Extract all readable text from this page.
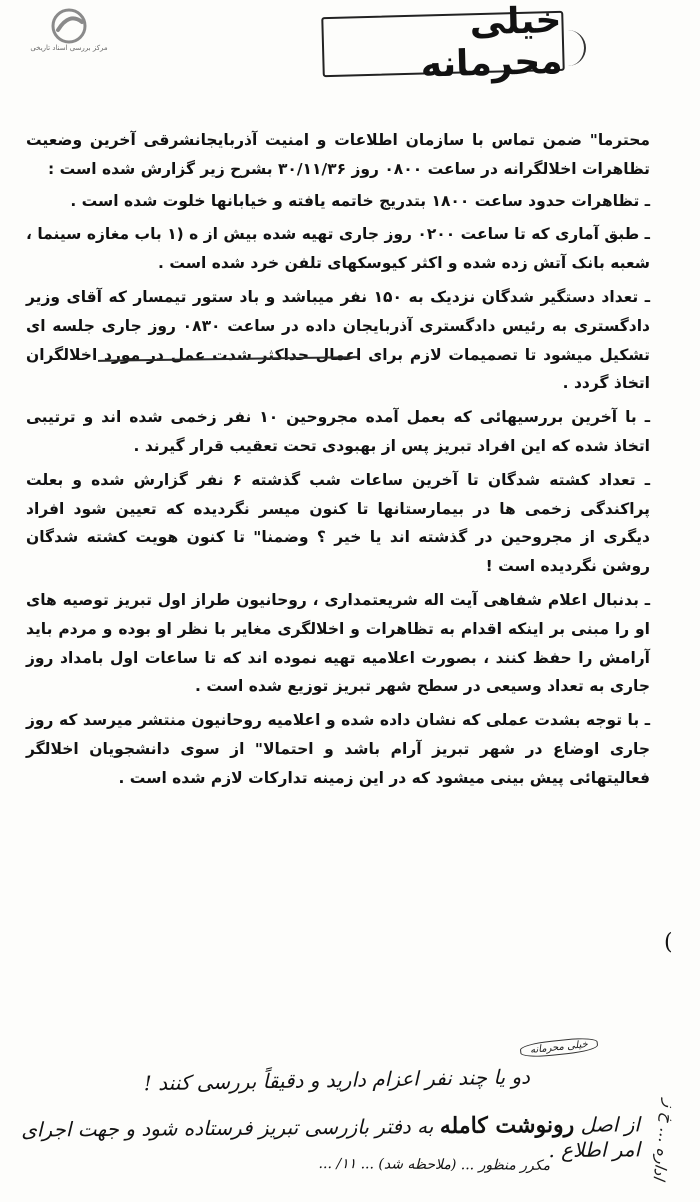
مرکز بررسی اسناد تاریخی
خیلی محرمانه

محترما" ضمن تماس با سازمان اطلاعات و امنیت آذربایجانشرقی آخرین وضعیت تظاهرات اخلالگرانه در ساعت ۰۸۰۰ روز ۳۰/۱۱/۳۶ بشرح زیر گزارش شده است :

ـ تظاهرات حدود ساعت ۱۸۰۰ بتدریج خاتمه یافته و خیابانها خلوت شده است .

ـ طبق آماری که تا ساعت ۰۲۰۰ روز جاری تهیه شده بیش از ه (۱ باب مغازه سینما ، شعبه بانک آتش زده شده و اکثر کیوسکهای تلفن خرد شده است .

ـ تعداد دستگیر شدگان نزدیک به ۱۵۰ نفر میباشد و باد ستور تیمسار که آقای وزیر دادگستری به رئیس دادگستری آذربایجان داده در ساعت ۰۸۳۰ روز جاری جلسه ای تشکیل میشود تا تصمیمات لازم برای اعمال حداکثر شدت عمل در مورد اخلالگران اتخاذ گردد .

ـ با آخرین بررسیهائی که بعمل آمده مجروحین ۱۰ نفر زخمی شده اند و ترتیبی اتخاذ شده که این افراد تبریز پس از بهبودی تحت تعقیب قرار گیرند .

ـ تعداد کشته شدگان تا آخرین ساعات شب گذشته ۶ نفر گزارش شده و بعلت پراکندگی زخمی ها در بیمارستانها تا کنون میسر نگردیده که تعیین شود افراد دیگری از مجروحین در گذشته اند یا خیر ؟ وضمنا" تا کنون هویت کشته شدگان روشن نگردیده است !

ـ بدنبال اعلام شفاهی آیت اله شریعتمداری ، روحانیون طراز اول تبریز توصیه های او را مبنی بر اینکه اقدام به تظاهرات و اخلالگری مغایر با نظر او بوده و مردم باید آرامش را حفظ کنند ، بصورت اعلامیه تهیه نموده اند که تا ساعات اول بامداد روز جاری به تعداد وسیعی در سطح شهر تبریز توزیع شده است .

ـ با توجه بشدت عملی که نشان داده شده و اعلامیه روحانیون منتشر میرسد که روز جاری اوضاع در شهر تبریز آرام باشد و احتمالا" از سوی دانشجویان اخلالگر فعالیتهائی پیش بینی میشود که در این زمینه تدارکات لازم شده است .

(
اداره ... خ ز
خیلی محرمانه
دو یا چند نفر اعزام دارید و دقیقاً بررسی کنند !
از اصل رونوشت کامله به دفتر بازرسی تبریز فرستاده شود و جهت اجرای امر اطلاع .
مکرر منظور ... (ملاحظه شد) ... ۱۱/ ...
